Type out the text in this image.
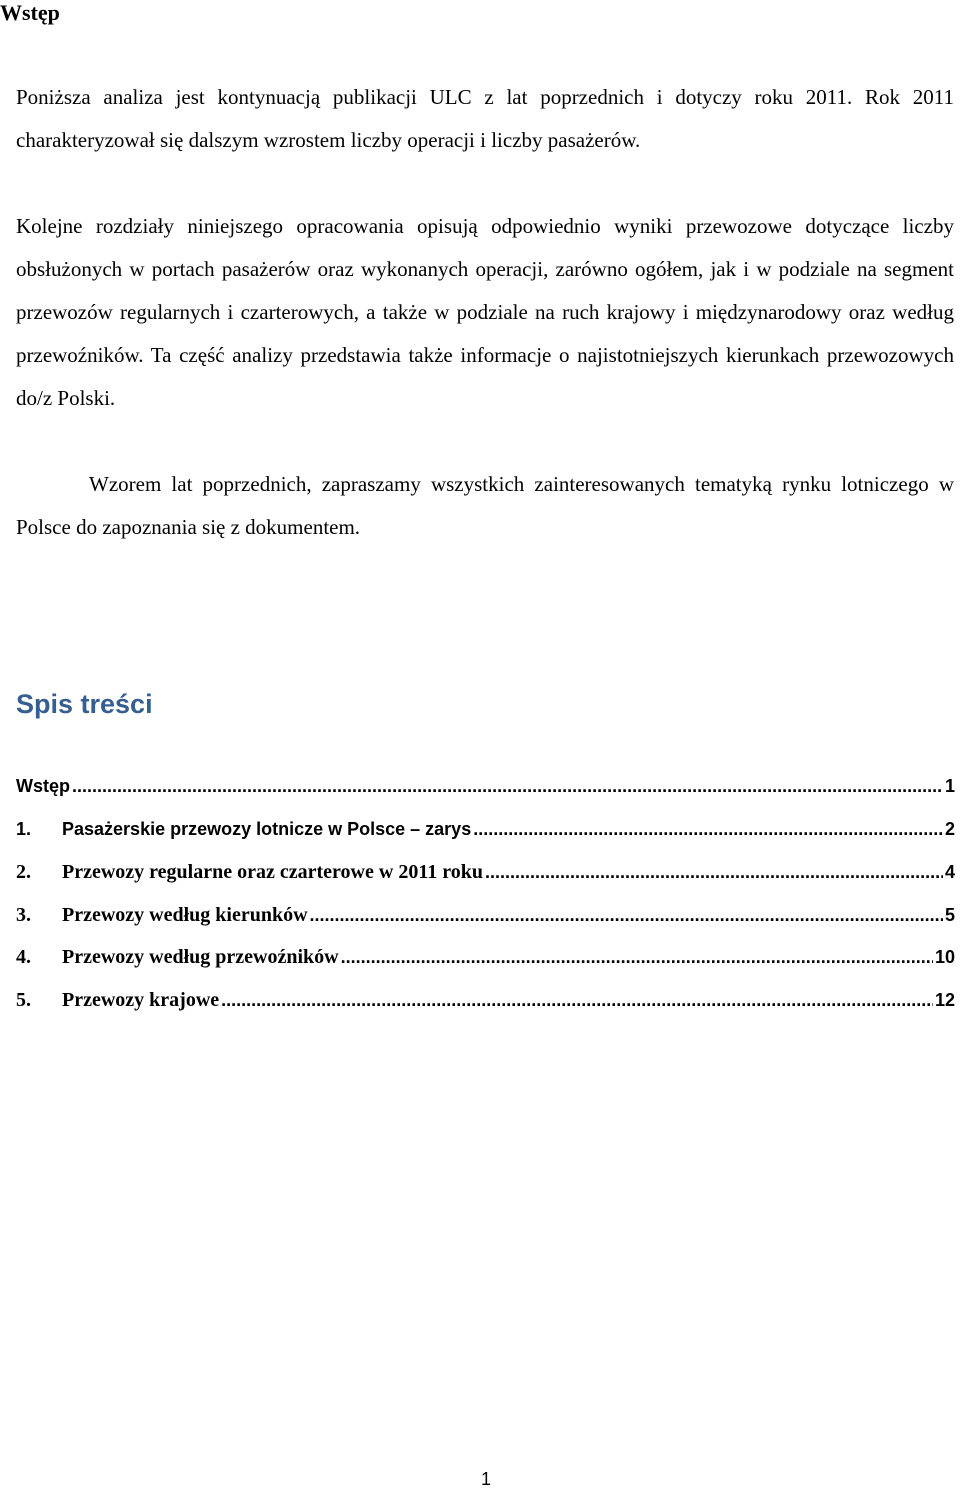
Wstęp

Poniższa analiza jest kontynuacją publikacji ULC z lat poprzednich i dotyczy roku 2011. Rok 2011 charakteryzował się dalszym wzrostem liczby operacji i liczby pasażerów.

Kolejne rozdziały niniejszego opracowania opisują odpowiednio wyniki przewozowe dotyczące liczby obsłużonych w portach pasażerów oraz wykonanych operacji, zarówno ogółem, jak i w podziale na segment przewozów regularnych i czarterowych, a także w podziale na ruch krajowy i międzynarodowy oraz według przewoźników. Ta część analizy przedstawia także informacje o najistotniejszych kierunkach przewozowych do/z Polski.

Wzorem lat poprzednich, zapraszamy wszystkich zainteresowanych tematyką rynku lotniczego w Polsce do zapoznania się z dokumentem.

Spis treści
Wstęp .....	1
1.	Pasażerskie przewozy lotnicze w Polsce – zarys .....	2
2.	Przewozy regularne oraz czarterowe w 2011 roku .....	4
3.	Przewozy według kierunków .....	5
4.	Przewozy według przewoźników .....	10
5.	Przewozy krajowe .....	12
1
